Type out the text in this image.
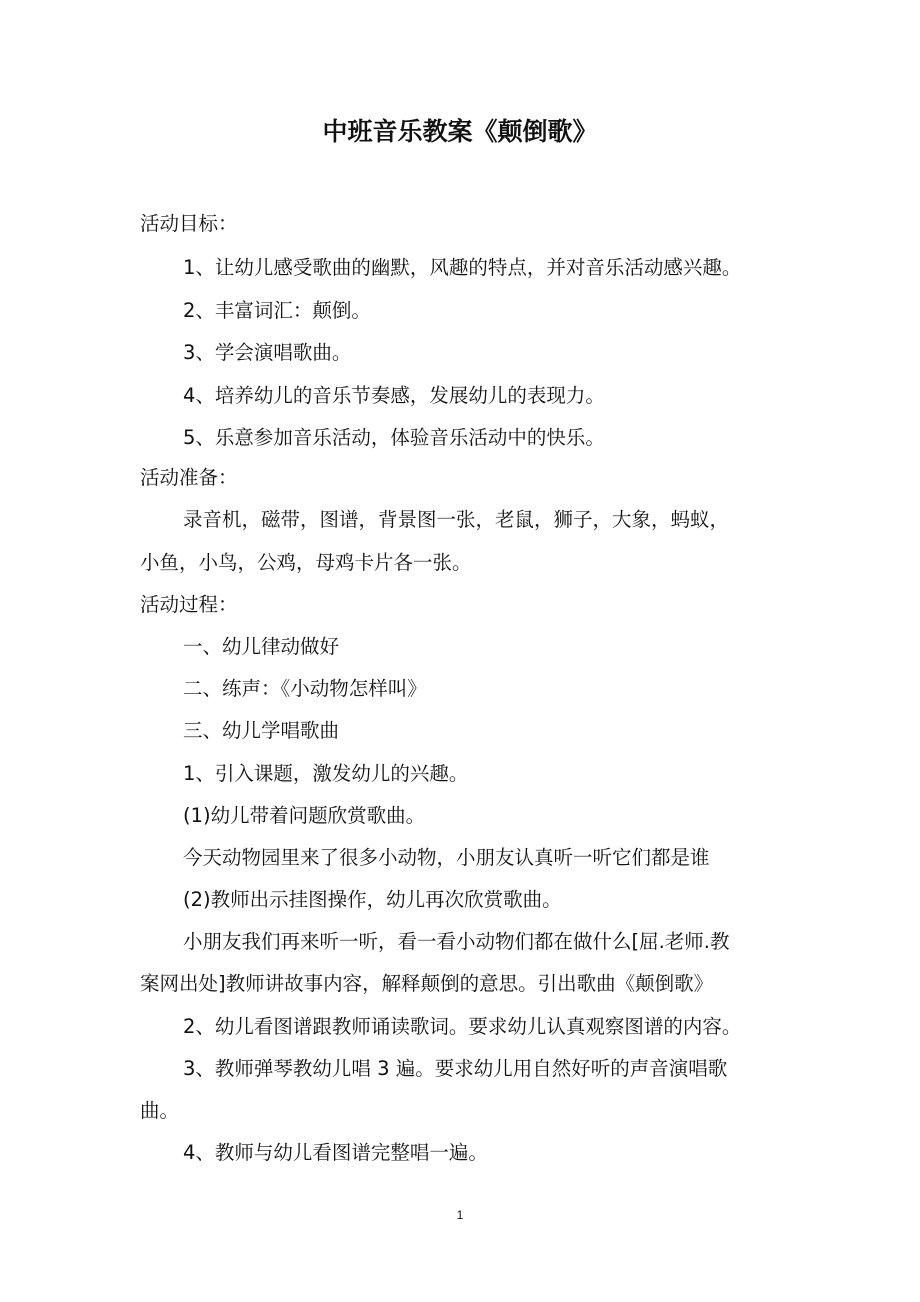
中班音乐教案《颠倒歌》

活动目标：

1、让幼儿感受歌曲的幽默，风趣的特点，并对音乐活动感兴趣。

2、丰富词汇：颠倒。

3、学会演唱歌曲。

4、培养幼儿的音乐节奏感，发展幼儿的表现力。

5、乐意参加音乐活动，体验音乐活动中的快乐。

活动准备：

录音机，磁带，图谱，背景图一张，老鼠，狮子，大象，蚂蚁，

小鱼，小鸟，公鸡，母鸡卡片各一张。

活动过程：

一、幼儿律动做好

二、练声：《小动物怎样叫》

三、幼儿学唱歌曲

1、引入课题，激发幼儿的兴趣。

(1)幼儿带着问题欣赏歌曲。

今天动物园里来了很多小动物，小朋友认真听一听它们都是谁

(2)教师出示挂图操作，幼儿再次欣赏歌曲。

小朋友我们再来听一听，看一看小动物们都在做什么[屈.老师.教

案网出处]教师讲故事内容，解释颠倒的意思。引出歌曲《颠倒歌》

2、幼儿看图谱跟教师诵读歌词。要求幼儿认真观察图谱的内容。

3、教师弹琴教幼儿唱 3 遍。要求幼儿用自然好听的声音演唱歌

曲。

4、教师与幼儿看图谱完整唱一遍。

1
